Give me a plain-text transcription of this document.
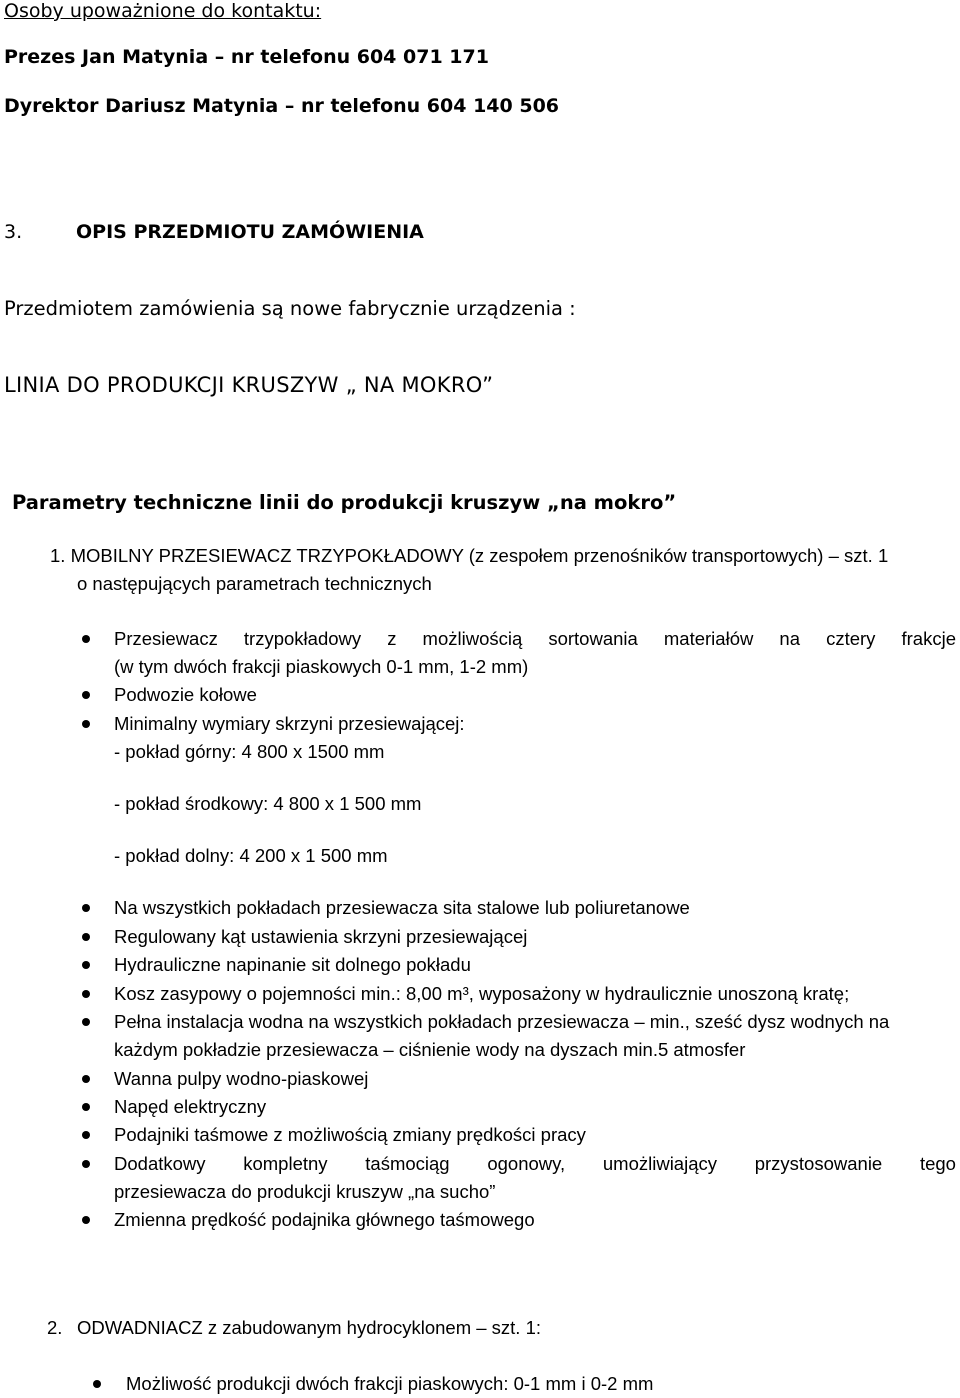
Osoby upoważnione do kontaktu:
Prezes Jan Matynia – nr telefonu 604 071 171
Dyrektor Dariusz Matynia – nr telefonu 604 140 506
3.	OPIS PRZEDMIOTU ZAMÓWIENIA
Przedmiotem zamówienia są nowe fabrycznie urządzenia :
LINIA DO PRODUKCJI KRUSZYW „ NA MOKRO”
Parametry techniczne linii do produkcji kruszyw „na mokro”
1. MOBILNY PRZESIEWACZ TRZYPOKŁADOWY (z zespołem przenośników transportowych) – szt. 1
o następujących parametrach technicznych
Przesiewacz trzypokładowy z możliwością sortowania materiałów na cztery frakcje
(w tym dwóch frakcji piaskowych 0-1 mm, 1-2 mm)
Podwozie kołowe
Minimalny wymiary skrzyni przesiewającej:
- pokład górny: 4 800 x 1500 mm
- pokład środkowy: 4 800 x 1 500 mm
- pokład dolny: 4 200 x 1 500 mm
Na wszystkich pokładach przesiewacza sita stalowe lub poliuretanowe
Regulowany kąt ustawienia skrzyni przesiewającej
Hydrauliczne napinanie sit dolnego pokładu
Kosz zasypowy o pojemności min.: 8,00 m³, wyposażony w hydraulicznie unoszoną kratę;
Pełna instalacja wodna na wszystkich pokładach przesiewacza – min., sześć dysz wodnych na
każdym pokładzie przesiewacza – ciśnienie wody na dyszach min.5 atmosfer
Wanna pulpy wodno-piaskowej
Napęd elektryczny
Podajniki taśmowe z możliwością zmiany prędkości pracy
Dodatkowy kompletny taśmociąg ogonowy, umożliwiający przystosowanie tego
przesiewacza do produkcji kruszyw „na sucho”
Zmienna prędkość podajnika głównego taśmowego
2. ODWADNIACZ z zabudowanym hydrocyklonem – szt. 1:
Możliwość produkcji dwóch frakcji piaskowych: 0-1 mm i 0-2 mm
